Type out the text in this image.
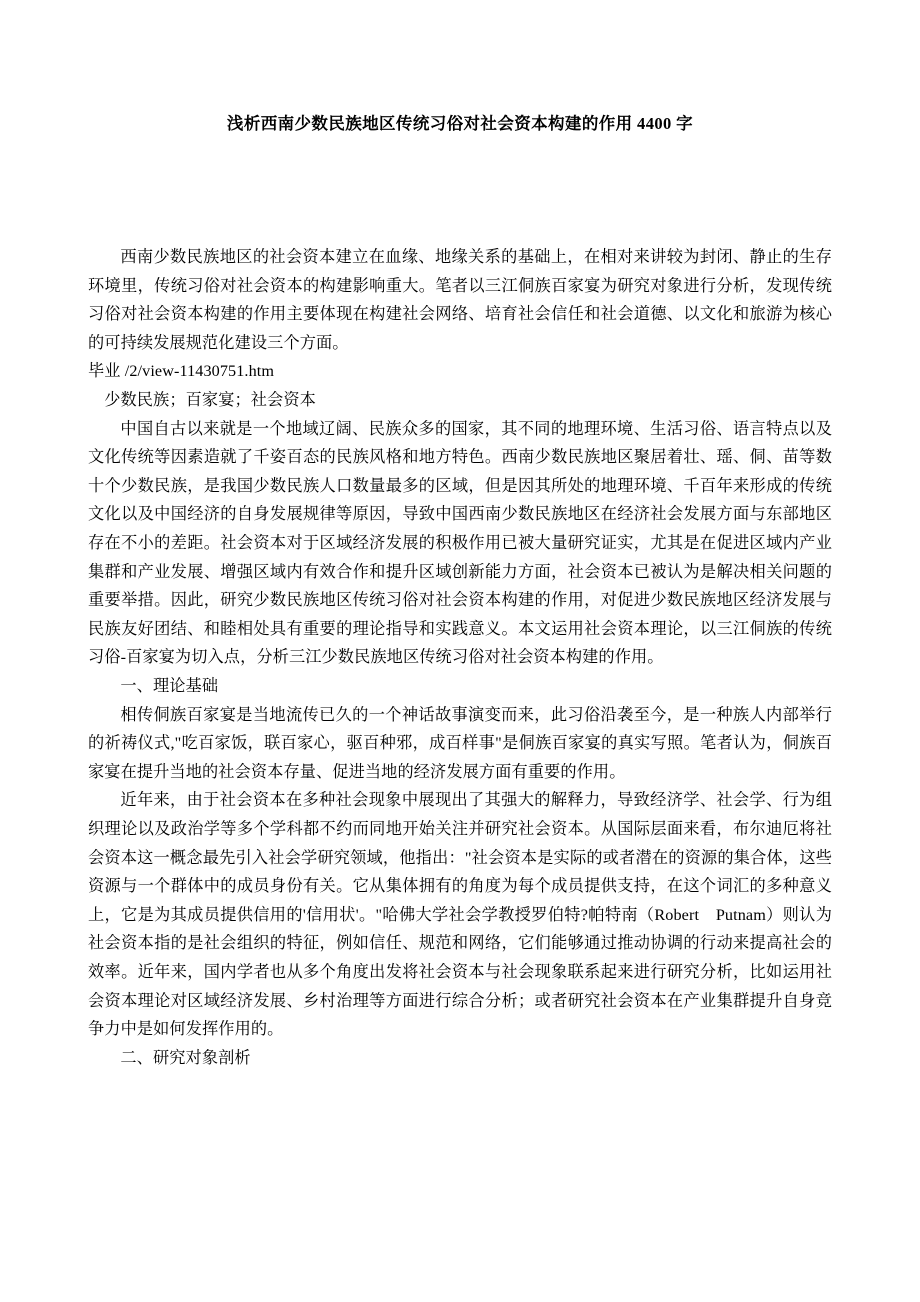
浅析西南少数民族地区传统习俗对社会资本构建的作用 4400 字

西南少数民族地区的社会资本建立在血缘、地缘关系的基础上，在相对来讲较为封闭、静止的生存环境里，传统习俗对社会资本的构建影响重大。笔者以三江侗族百家宴为研究对象进行分析，发现传统习俗对社会资本构建的作用主要体现在构建社会网络、培育社会信任和社会道德、以文化和旅游为核心的可持续发展规范化建设三个方面。

毕业 /2/view-11430751.htm

少数民族；百家宴；社会资本

中国自古以来就是一个地域辽阔、民族众多的国家，其不同的地理环境、生活习俗、语言特点以及文化传统等因素造就了千姿百态的民族风格和地方特色。西南少数民族地区聚居着壮、瑶、侗、苗等数十个少数民族，是我国少数民族人口数量最多的区域，但是因其所处的地理环境、千百年来形成的传统文化以及中国经济的自身发展规律等原因，导致中国西南少数民族地区在经济社会发展方面与东部地区存在不小的差距。社会资本对于区域经济发展的积极作用已被大量研究证实，尤其是在促进区域内产业集群和产业发展、增强区域内有效合作和提升区域创新能力方面，社会资本已被认为是解决相关问题的重要举措。因此，研究少数民族地区传统习俗对社会资本构建的作用，对促进少数民族地区经济发展与民族友好团结、和睦相处具有重要的理论指导和实践意义。本文运用社会资本理论，以三江侗族的传统习俗-百家宴为切入点，分析三江少数民族地区传统习俗对社会资本构建的作用。

一、理论基础

相传侗族百家宴是当地流传已久的一个神话故事演变而来，此习俗沿袭至今，是一种族人内部举行的祈祷仪式,"吃百家饭，联百家心，驱百种邪，成百样事"是侗族百家宴的真实写照。笔者认为，侗族百家宴在提升当地的社会资本存量、促进当地的经济发展方面有重要的作用。

近年来，由于社会资本在多种社会现象中展现出了其强大的解释力，导致经济学、社会学、行为组织理论以及政治学等多个学科都不约而同地开始关注并研究社会资本。从国际层面来看，布尔迪厄将社会资本这一概念最先引入社会学研究领域，他指出："社会资本是实际的或者潜在的资源的集合体，这些资源与一个群体中的成员身份有关。它从集体拥有的角度为每个成员提供支持，在这个词汇的多种意义上，它是为其成员提供信用的'信用状'。"哈佛大学社会学教授罗伯特?帕特南（Robert　Putnam）则认为社会资本指的是社会组织的特征，例如信任、规范和网络，它们能够通过推动协调的行动来提高社会的效率。近年来，国内学者也从多个角度出发将社会资本与社会现象联系起来进行研究分析，比如运用社会资本理论对区域经济发展、乡村治理等方面进行综合分析；或者研究社会资本在产业集群提升自身竞争力中是如何发挥作用的。

二、研究对象剖析
